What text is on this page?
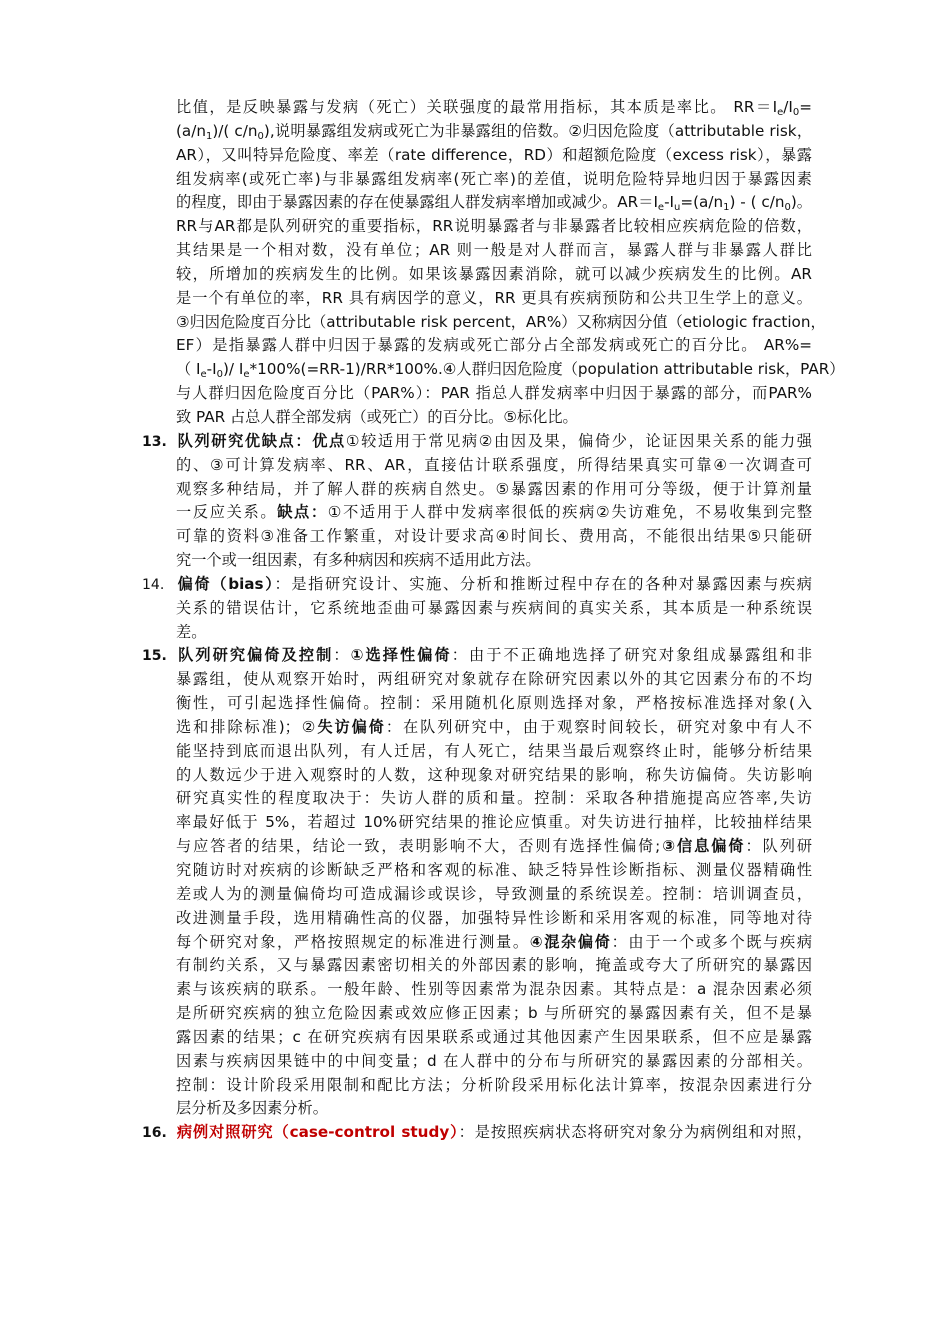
比值，是反映暴露与发病（死亡）关联强度的最常用指标，其本质是率比。 $RR=I_e/I_0=$
$(a/n_1)/$( $c/n_0$),说明暴露组发病或死亡为非暴露组的倍数。②归因危险度（attributable risk，
AR），又叫特异危险度、率差（rate difference，RD）和超额危险度（excess risk），暴露
组发病率(或死亡率)与非暴露组发病率(死亡率)的差值，说明危险特异地归因于暴露因素
的程度，即由于暴露因素的存在使暴露组人群发病率增加或减少。$AR=I_e-I_u=(a/n_1)$ - ( $c/n_0$)。
RR与AR都是队列研究的重要指标，RR说明暴露者与非暴露者比较相应疾病危险的倍数，
其结果是一个相对数，没有单位；AR 则一般是对人群而言，暴露人群与非暴露人群比
较，所增加的疾病发生的比例。如果该暴露因素消除，就可以减少疾病发生的比例。AR
是一个有单位的率，RR 具有病因学的意义，RR 更具有疾病预防和公共卫生学上的意义。
③归因危险度百分比（attributable risk percent，AR%）又称病因分值（etiologic fraction，
EF）是指暴露人群中归因于暴露的发病或死亡部分占全部发病或死亡的百分比。 AR%=
（ $I_e-I_0)/$ $I_e*100\%(=RR-1)/RR*100\%.④$人群归因危险度（population attributable risk，PAR）
与人群归因危险度百分比（PAR%）：PAR 指总人群发病率中归因于暴露的部分，而PAR%
致 PAR 占总人群全部发病（或死亡）的百分比。⑤标化比。
13. 队列研究优缺点：优点①较适用于常见病②由因及果，偏倚少，论证因果关系的能力强
的、③可计算发病率、RR、AR，直接估计联系强度，所得结果真实可靠④一次调查可
观察多种结局，并了解人群的疾病自然史。⑤暴露因素的作用可分等级，便于计算剂量
一反应关系。缺点：①不适用于人群中发病率很低的疾病②失访难免，不易收集到完整
可靠的资料③准备工作繁重，对设计要求高④时间长、费用高，不能很出结果⑤只能研
究一个或一组因素，有多种病因和疾病不适用此方法。
14. 偏倚（bias）：是指研究设计、实施、分析和推断过程中存在的各种对暴露因素与疾病
关系的错误估计，它系统地歪曲可暴露因素与疾病间的真实关系，其本质是一种系统误
差。
15. 队列研究偏倚及控制：①选择性偏倚：由于不正确地选择了研究对象组成暴露组和非
暴露组，使从观察开始时，两组研究对象就存在除研究因素以外的其它因素分布的不均
衡性，可引起选择性偏倚。控制：采用随机化原则选择对象，严格按标准选择对象(入
选和排除标准)；②失访偏倚：在队列研究中，由于观察时间较长，研究对象中有人不
能坚持到底而退出队列，有人迁居，有人死亡，结果当最后观察终止时，能够分析结果
的人数远少于进入观察时的人数，这种现象对研究结果的影响，称失访偏倚。失访影响
研究真实性的程度取决于：失访人群的质和量。控制：采取各种措施提高应答率,失访
率最好低于 5%，若超过 10%研究结果的推论应慎重。对失访进行抽样，比较抽样结果
与应答者的结果，结论一致，表明影响不大，否则有选择性偏倚;③信息偏倚：队列研
究随访时对疾病的诊断缺乏严格和客观的标准、缺乏特异性诊断指标、测量仪器精确性
差或人为的测量偏倚均可造成漏诊或误诊，导致测量的系统误差。控制：培训调查员，
改进测量手段，选用精确性高的仪器，加强特异性诊断和采用客观的标准，同等地对待
每个研究对象，严格按照规定的标准进行测量。④混杂偏倚：由于一个或多个既与疾病
有制约关系，又与暴露因素密切相关的外部因素的影响，掩盖或夸大了所研究的暴露因
素与该疾病的联系。一般年龄、性别等因素常为混杂因素。其特点是：a 混杂因素必须
是所研究疾病的独立危险因素或效应修正因素；b 与所研究的暴露因素有关，但不是暴
露因素的结果；c 在研究疾病有因果联系或通过其他因素产生因果联系，但不应是暴露
因素与疾病因果链中的中间变量；d 在人群中的分布与所研究的暴露因素的分部相关。
控制：设计阶段采用限制和配比方法；分析阶段采用标化法计算率，按混杂因素进行分
层分析及多因素分析。
16. 病例对照研究（case-control study）：是按照疾病状态将研究对象分为病例组和对照，
